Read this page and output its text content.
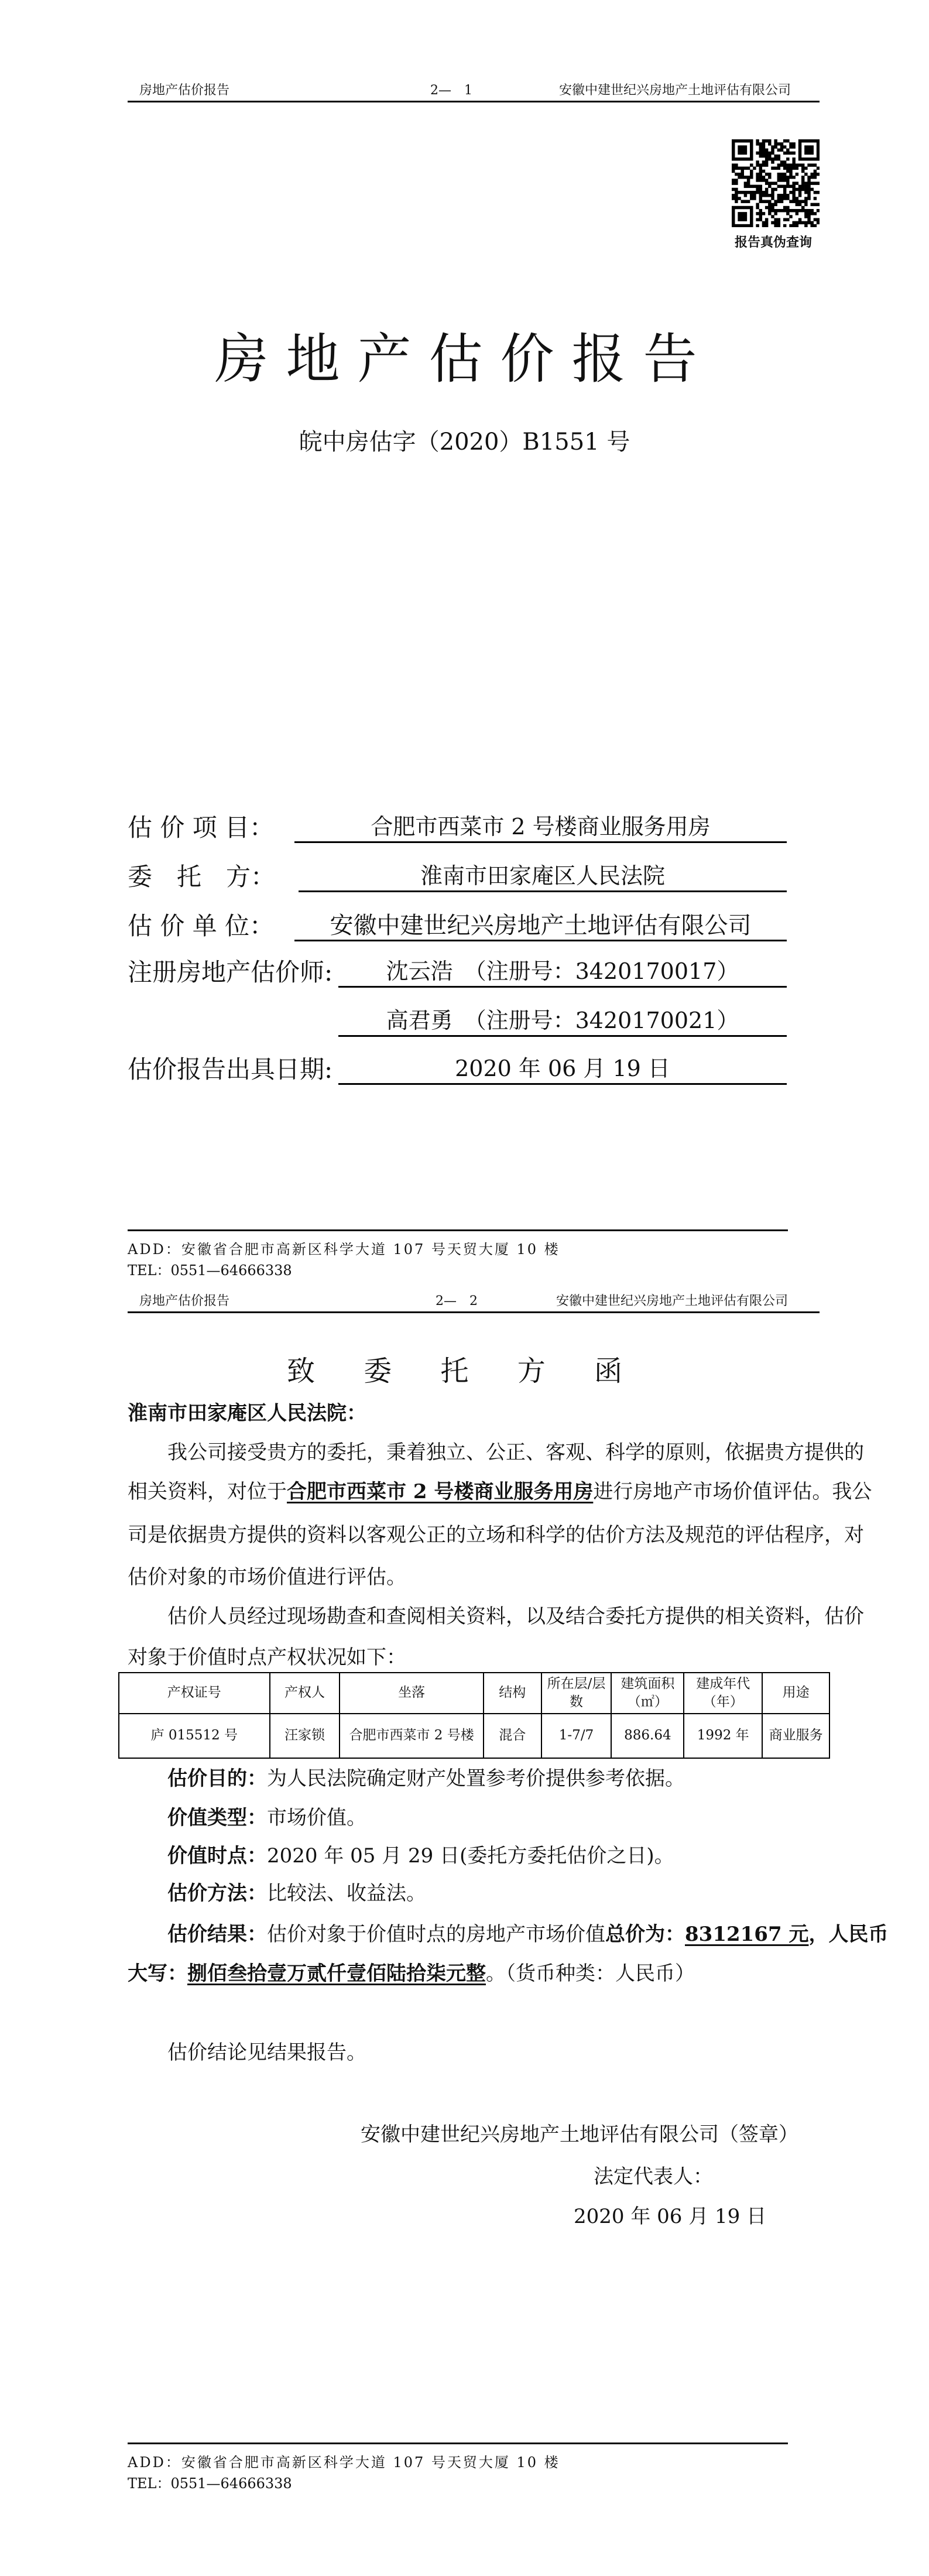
房地产估价报告	2—　1	安徽中建世纪兴房地产土地评估有限公司
报告真伪查询
房地产估价报告
皖中房估字（2020）B1551 号
估 价 项 目：	合肥市西菜市 2 号楼商业服务用房
委　托　方：	淮南市田家庵区人民法院
估 价 单 位：	安徽中建世纪兴房地产土地评估有限公司
注册房地产估价师:	沈云浩　（注册号：3420170017）
高君勇　（注册号：3420170021）
估价报告出具日期:	2020 年 06 月 19 日
ADD：安徽省合肥市高新区科学大道 107 号天贸大厦 10 楼
TEL：0551—64666338
房地产估价报告	2—　2	安徽中建世纪兴房地产土地评估有限公司
致 委 托 方 函
淮南市田家庵区人民法院：
我公司接受贵方的委托，秉着独立、公正、客观、科学的原则，依据贵方提供的
相关资料，对位于合肥市西菜市 2 号楼商业服务用房进行房地产市场价值评估。我公
司是依据贵方提供的资料以客观公正的立场和科学的估价方法及规范的评估程序，对
估价对象的市场价值进行评估。
估价人员经过现场勘查和查阅相关资料，以及结合委托方提供的相关资料，估价
对象于价值时点产权状况如下：
产权证号	产权人	坐落	结构	所在层/层数	建筑面积（㎡）	建成年代（年）	用途
庐 015512 号	汪家锁	合肥市西菜市 2 号楼	混合	1-7/7	886.64	1992 年	商业服务
估价目的：为人民法院确定财产处置参考价提供参考依据。
价值类型：市场价值。
价值时点：2020 年 05 月 29 日(委托方委托估价之日)。
估价方法：比较法、收益法。
估价结果：估价对象于价值时点的房地产市场价值总价为：8312167 元，人民币
大写：捌佰叁拾壹万贰仟壹佰陆拾柒元整。（货币种类：人民币）
估价结论见结果报告。
安徽中建世纪兴房地产土地评估有限公司（签章）
法定代表人：
2020 年 06 月 19 日
ADD：安徽省合肥市高新区科学大道 107 号天贸大厦 10 楼
TEL：0551—64666338
